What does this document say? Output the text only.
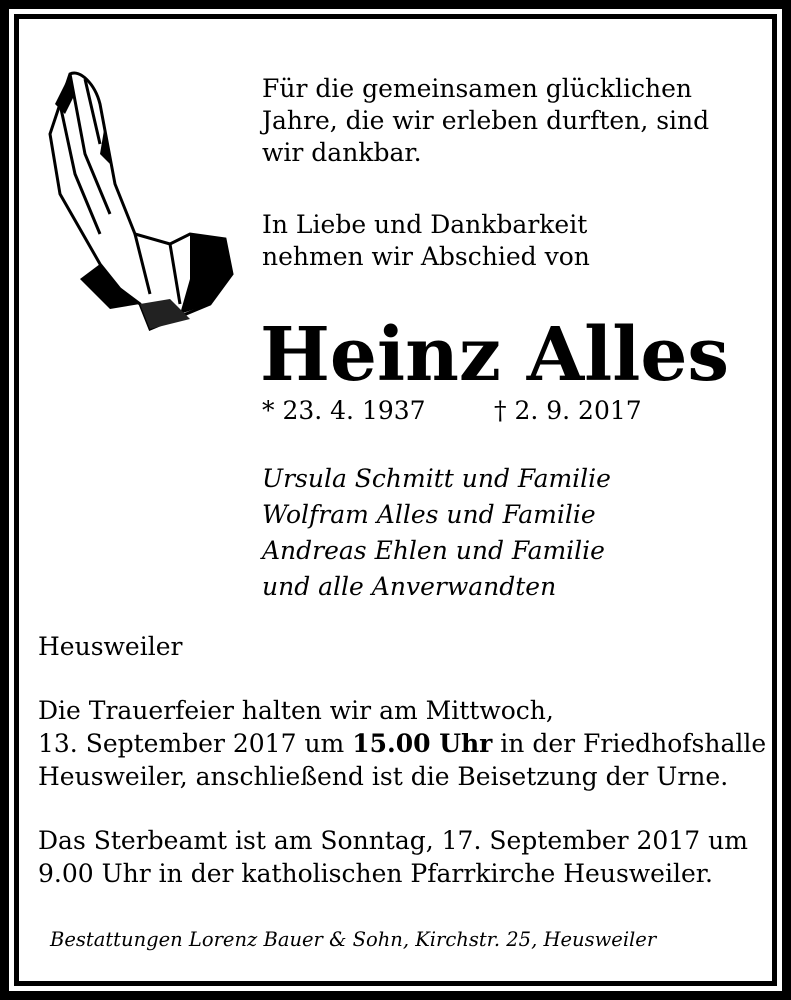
Für die gemeinsamen glücklichen
Jahre, die wir erleben durften, sind
wir dankbar.
In Liebe und Dankbarkeit
nehmen wir Abschied von
Heinz Alles
* 23. 4. 1937	† 2. 9. 2017
Ursula Schmitt und Familie
Wolfram Alles und Familie
Andreas Ehlen und Familie
und alle Anverwandten
Heusweiler
Die Trauerfeier halten wir am Mittwoch,
13. September 2017 um 15.00 Uhr in der Friedhofshalle
Heusweiler, anschließend ist die Beisetzung der Urne.
Das Sterbeamt ist am Sonntag, 17. September 2017 um
9.00 Uhr in der katholischen Pfarrkirche Heusweiler.
Bestattungen Lorenz Bauer & Sohn, Kirchstr. 25, Heusweiler
